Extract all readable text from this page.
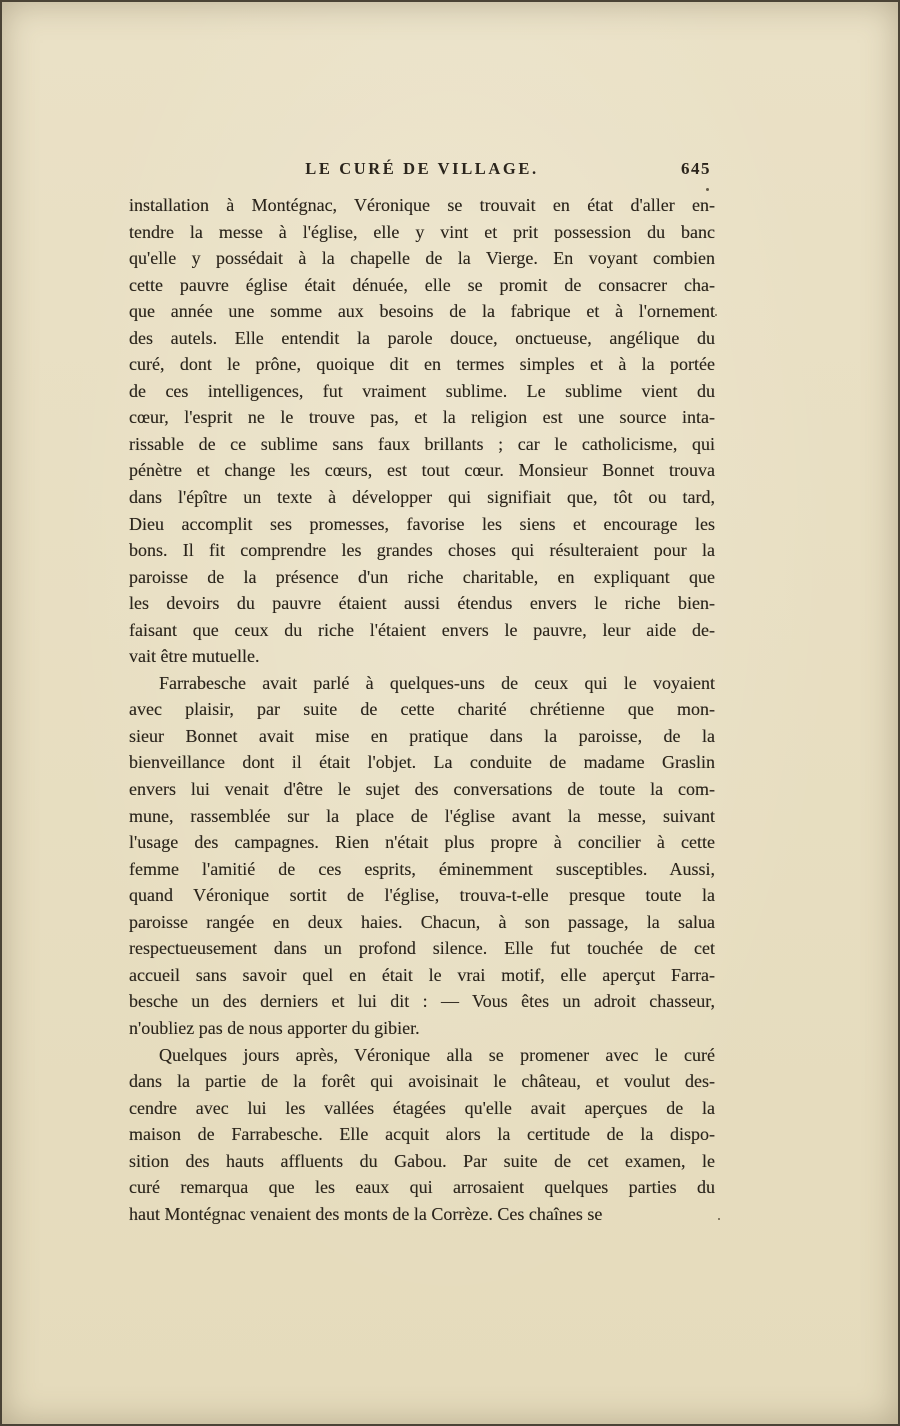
LE CURÉ DE VILLAGE.	645
installation à Montégnac, Véronique se trouvait en état d'aller en-
tendre la messe à l'église, elle y vint et prit possession du banc
qu'elle y possédait à la chapelle de la Vierge. En voyant combien
cette pauvre église était dénuée, elle se promit de consacrer cha-
que année une somme aux besoins de la fabrique et à l'ornement
des autels. Elle entendit la parole douce, onctueuse, angélique du
curé, dont le prône, quoique dit en termes simples et à la portée
de ces intelligences, fut vraiment sublime. Le sublime vient du
cœur, l'esprit ne le trouve pas, et la religion est une source inta-
rissable de ce sublime sans faux brillants ; car le catholicisme, qui
pénètre et change les cœurs, est tout cœur. Monsieur Bonnet trouva
dans l'épître un texte à développer qui signifiait que, tôt ou tard,
Dieu accomplit ses promesses, favorise les siens et encourage les
bons. Il fit comprendre les grandes choses qui résulteraient pour la
paroisse de la présence d'un riche charitable, en expliquant que
les devoirs du pauvre étaient aussi étendus envers le riche bien-
faisant que ceux du riche l'étaient envers le pauvre, leur aide de-
vait être mutuelle.
Farrabesche avait parlé à quelques-uns de ceux qui le voyaient
avec plaisir, par suite de cette charité chrétienne que mon-
sieur Bonnet avait mise en pratique dans la paroisse, de la
bienveillance dont il était l'objet. La conduite de madame Graslin
envers lui venait d'être le sujet des conversations de toute la com-
mune, rassemblée sur la place de l'église avant la messe, suivant
l'usage des campagnes. Rien n'était plus propre à concilier à cette
femme l'amitié de ces esprits, éminemment susceptibles. Aussi,
quand Véronique sortit de l'église, trouva-t-elle presque toute la
paroisse rangée en deux haies. Chacun, à son passage, la salua
respectueusement dans un profond silence. Elle fut touchée de cet
accueil sans savoir quel en était le vrai motif, elle aperçut Farra-
besche un des derniers et lui dit : — Vous êtes un adroit chasseur,
n'oubliez pas de nous apporter du gibier.
Quelques jours après, Véronique alla se promener avec le curé
dans la partie de la forêt qui avoisinait le château, et voulut des-
cendre avec lui les vallées étagées qu'elle avait aperçues de la
maison de Farrabesche. Elle acquit alors la certitude de la dispo-
sition des hauts affluents du Gabou. Par suite de cet examen, le
curé remarqua que les eaux qui arrosaient quelques parties du
haut Montégnac venaient des monts de la Corrèze. Ces chaînes se
